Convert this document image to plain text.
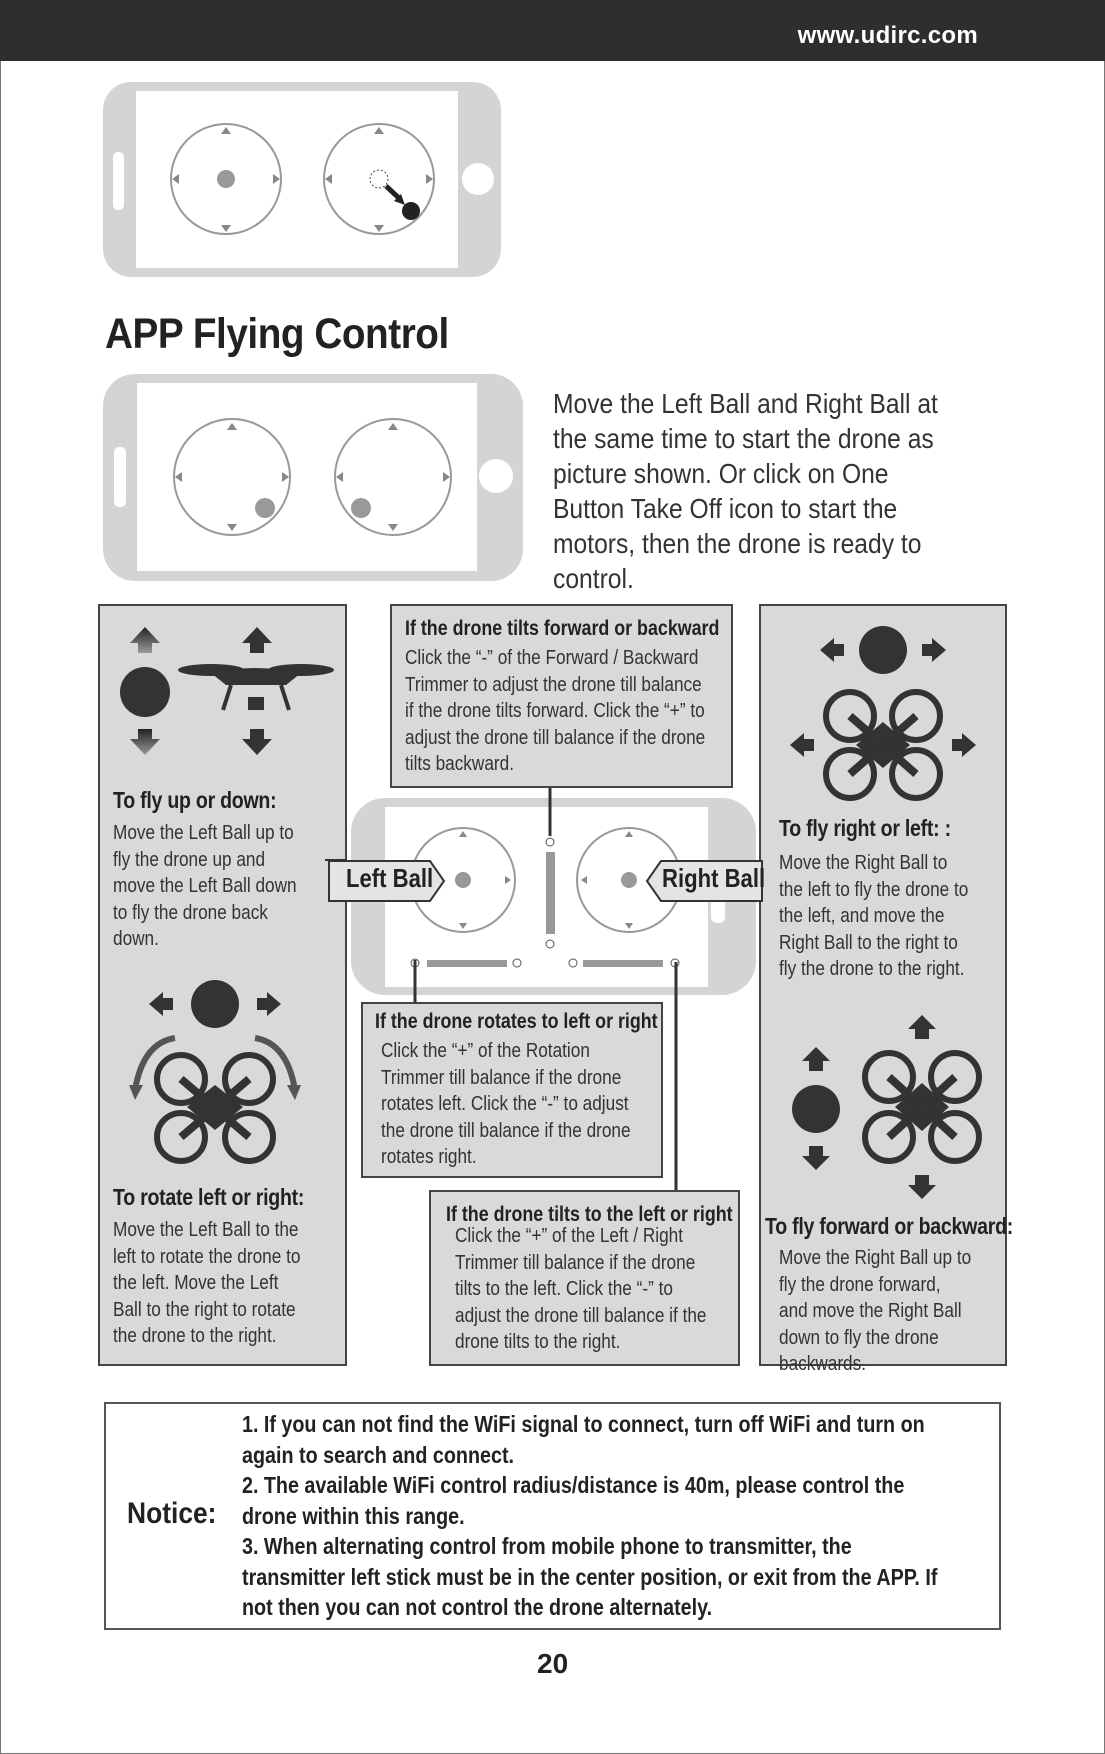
www.udirc.com
APP Flying Control
Move the Left Ball and Right Ball at the same time to start the drone as picture shown. Or click on One Button Take Off icon to start the motors, then the drone is ready to control.
To fly up or down:
Move the Left Ball up to fly the drone up and move the Left Ball down to fly the drone back down.
To rotate left or right:
Move the Left Ball to the left to rotate the drone to the left. Move the Left Ball to the right to rotate the drone to the right.
To fly right or left: :
Move the Right Ball to the left to fly the drone to the left, and move the Right Ball to the right to fly the drone to the right.
To fly forward or backward:
Move the Right Ball up to fly the drone forward, and move the Right Ball down to fly the drone backwards.
Left Ball	Right Ball
If the drone tilts forward or backward
Click the “-” of the Forward / Backward Trimmer to adjust the drone till balance if the drone tilts forward. Click the “+” to adjust the drone till balance if the drone tilts backward.
If the drone rotates to left or right
Click the “+” of the Rotation Trimmer till balance if the drone rotates left. Click the “-” to adjust the drone till balance if the drone rotates right.
If the drone tilts to the left or right
Click the “+” of the Left / Right Trimmer till balance if the drone tilts to the left. Click the “-” to adjust the drone till balance if the drone tilts to the right.
Notice:
1. If you can not find the WiFi signal to connect, turn off WiFi and turn on again to search and connect.
2. The available WiFi control radius/distance is 40m, please control the drone within this range.
3. When alternating control from mobile phone to transmitter, the transmitter left stick must be in the center position, or exit from the APP. If not then you can not control the drone alternately.
20
